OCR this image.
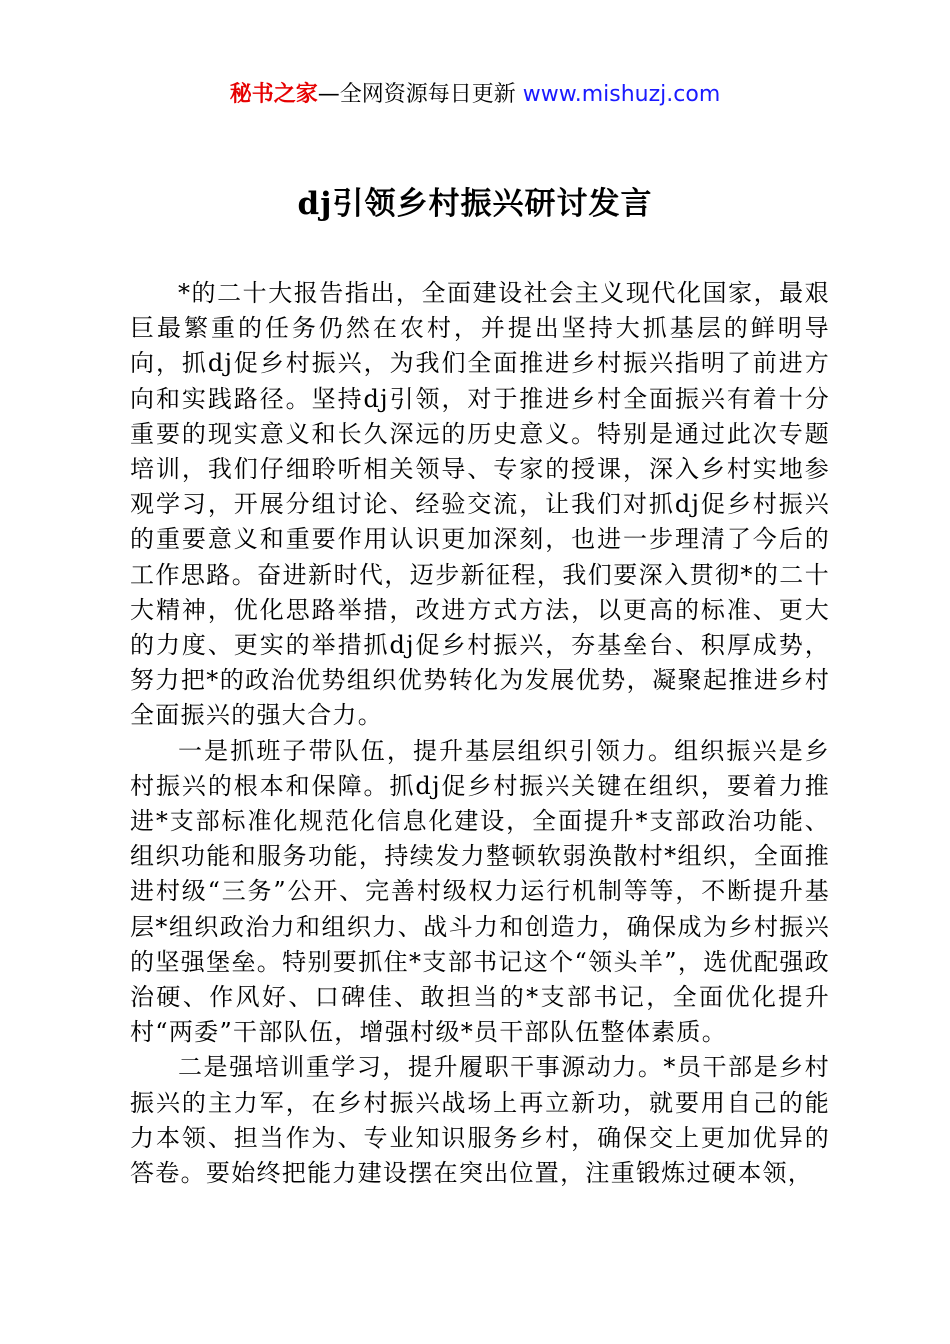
秘书之家—全网资源每日更新 www.mishuzj.com
dj引领乡村振兴研讨发言

*的二十大报告指出，全面建设社会主义现代化国家，最艰巨最繁重的任务仍然在农村，并提出坚持大抓基层的鲜明导向，抓dj促乡村振兴，为我们全面推进乡村振兴指明了前进方向和实践路径。坚持dj引领，对于推进乡村全面振兴有着十分重要的现实意义和长久深远的历史意义。特别是通过此次专题培训，我们仔细聆听相关领导、专家的授课，深入乡村实地参观学习，开展分组讨论、经验交流，让我们对抓dj促乡村振兴的重要意义和重要作用认识更加深刻，也进一步理清了今后的工作思路。奋进新时代，迈步新征程，我们要深入贯彻*的二十大精神，优化思路举措，改进方式方法，以更高的标准、更大的力度、更实的举措抓dj促乡村振兴，夯基垒台、积厚成势，努力把*的政治优势组织优势转化为发展优势，凝聚起推进乡村全面振兴的强大合力。

一是抓班子带队伍，提升基层组织引领力。组织振兴是乡村振兴的根本和保障。抓dj促乡村振兴关键在组织，要着力推进*支部标准化规范化信息化建设，全面提升*支部政治功能、组织功能和服务功能，持续发力整顿软弱涣散村*组织，全面推进村级“三务”公开、完善村级权力运行机制等等，不断提升基层*组织政治力和组织力、战斗力和创造力，确保成为乡村振兴的坚强堡垒。特别要抓住*支部书记这个“领头羊”，选优配强政治硬、作风好、口碑佳、敢担当的*支部书记，全面优化提升村“两委”干部队伍，增强村级*员干部队伍整体素质。

二是强培训重学习，提升履职干事源动力。*员干部是乡村振兴的主力军，在乡村振兴战场上再立新功，就要用自己的能力本领、担当作为、专业知识服务乡村，确保交上更加优异的答卷。要始终把能力建设摆在突出位置，注重锻炼过硬本领，
